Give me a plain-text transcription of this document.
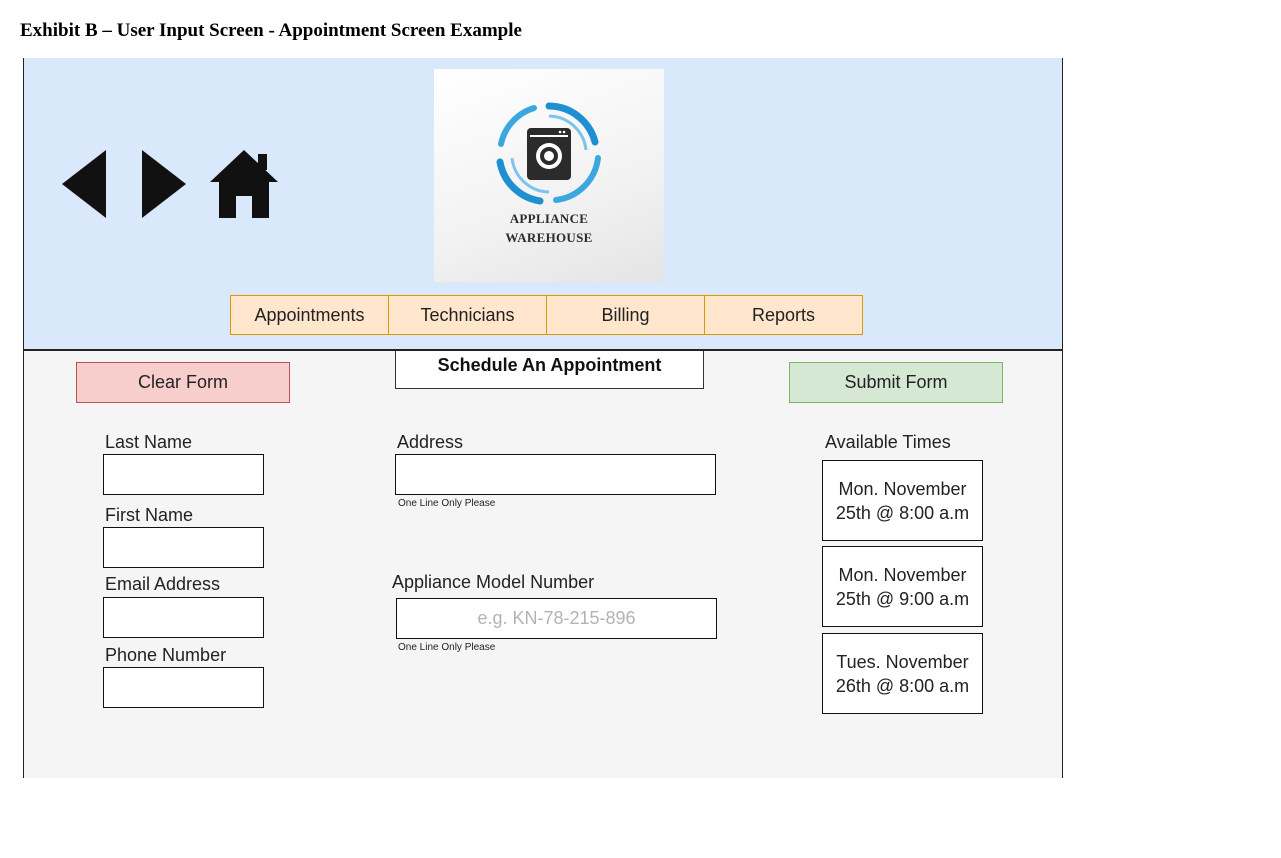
Exhibit B – User Input Screen - Appointment Screen Example
APPLIANCE
WAREHOUSE
Appointments	Technicians	Billing	Reports
Schedule An Appointment
Clear Form	Submit Form
Last Name
First Name
Email Address
Phone Number
Address
One Line Only Please
Appliance Model Number
e.g. KN-78-215-896
One Line Only Please
Available Times
Mon. November
25th @ 8:00 a.m
Mon. November
25th @ 9:00 a.m
Tues. November
26th @ 8:00 a.m
